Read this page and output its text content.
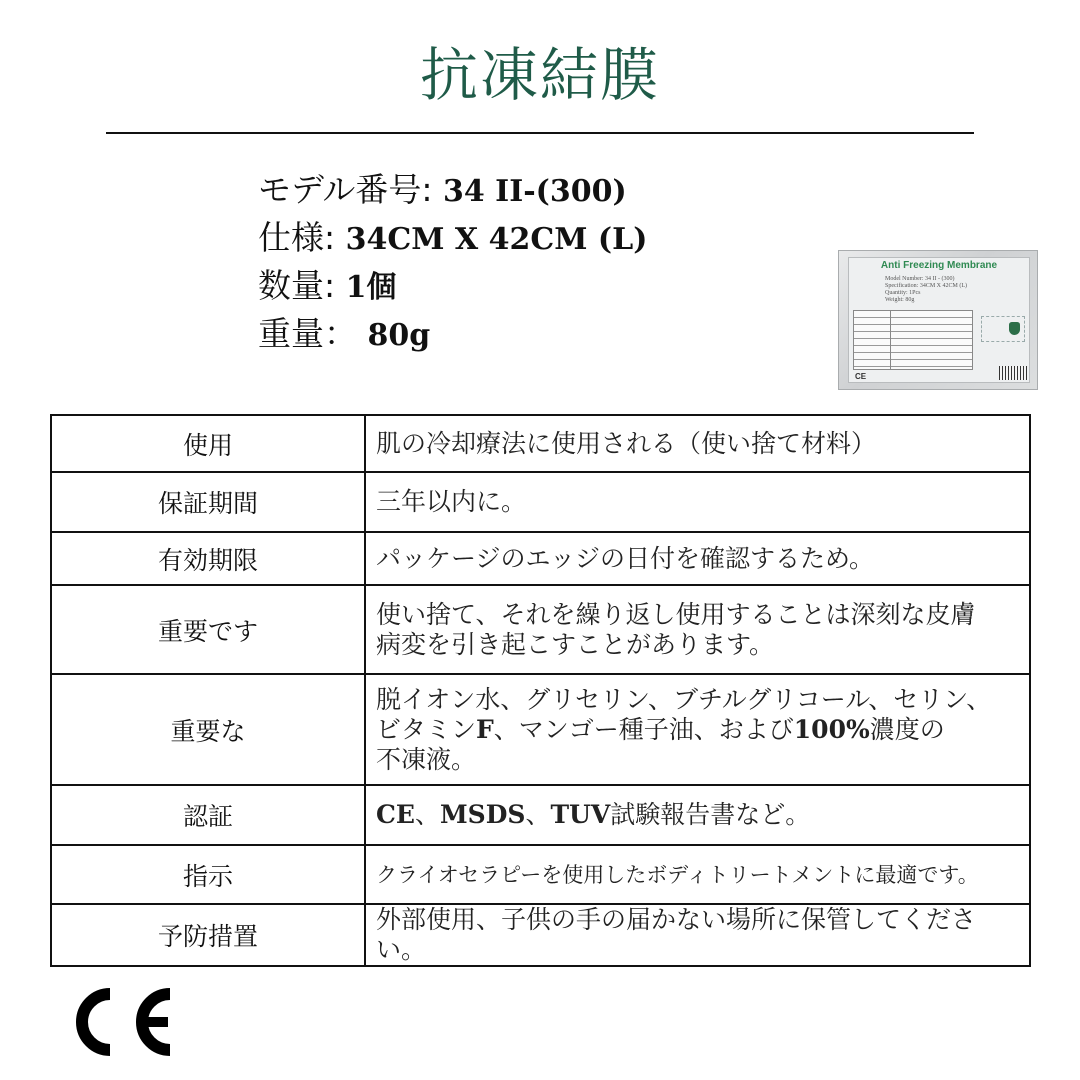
抗凍結膜
モデル番号: 34 II-(300)
仕様: 34CM X 42CM (L)
数量: 1個
重量： 80g
Anti Freezing Membrane
Model Number: 34 II - (300)
Specification: 34CM X 42CM (L)
Quantity: 1Pcs
Weight: 80g
CE
使用	肌の冷却療法に使用される（使い捨て材料）
保証期間	三年以内に。
有効期限	パッケージのエッジの日付を確認するため。
重要です	使い捨て、それを繰り返し使用することは深刻な皮膚
病変を引き起こすことがあります。

重要な	脱イオン水、グリセリン、ブチルグリコール、セリン、
ビタミンF、マンゴー種子油、および100%濃度の
不凍液。

認証	CE、MSDS、TUV試験報告書など。
指示	クライオセラピーを使用したボディトリートメントに最適です。
予防措置	外部使用、子供の手の届かない場所に保管してください。
